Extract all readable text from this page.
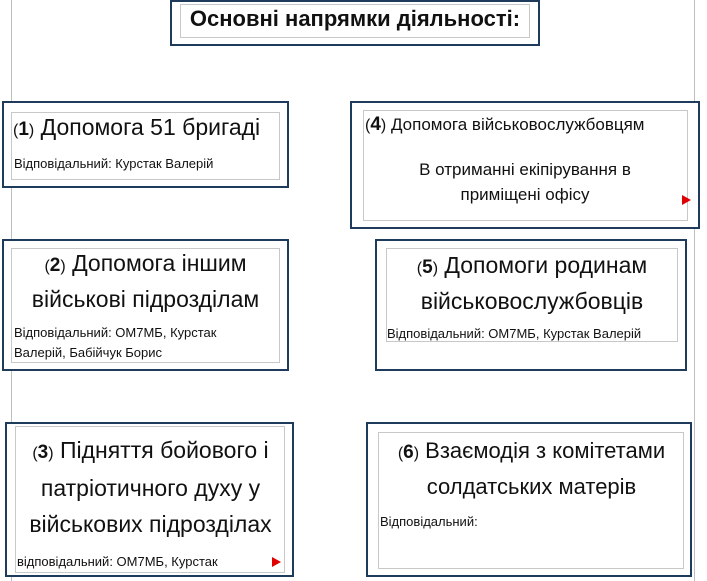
Основні напрямки діяльності:
(1) Допомога 51 бригаді
Відповідальний: Курстак Валерій
(4) Допомога військовослужбовцям
В отриманні екіпірування в
приміщені офісу
(2) Допомога іншим
військові підрозділам
Відповідальний: ОМ7МБ, Курстак
Валерій, Бабійчук Борис
(5) Допомоги родинам
військовослужбовців
Відповідальний: ОМ7МБ, Курстак Валерій
(3) Підняття бойового і
патріотичного духу у
військових підрозділах
відповідальний: ОМ7МБ, Курстак
(6) Взаємодія з комітетами
солдатських матерів
Відповідальний:
